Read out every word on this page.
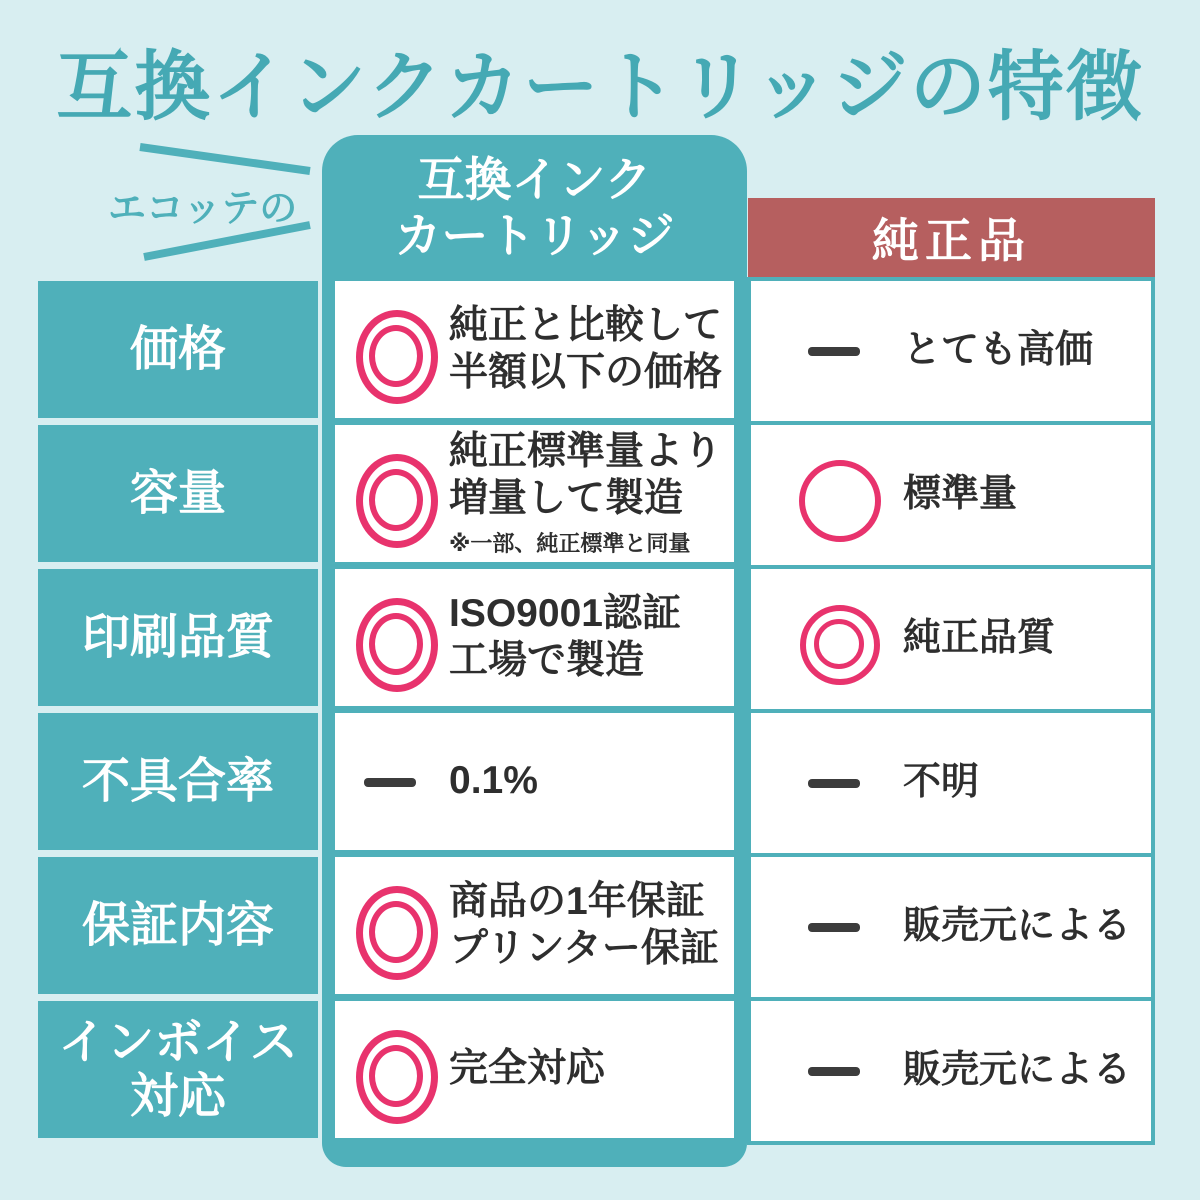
互換インクカートリッジの特徴
エコッテの
互換インク
カートリッジ
純正と比較して
半額以下の価格
純正標準量より
増量して製造
※一部、純正標準と同量
ISO9001認証
工場で製造
0.1%
商品の1年保証
プリンター保証
完全対応
価格
容量
印刷品質
不具合率
保証内容
インボイス
対応
純正品
とても高価
標準量
純正品質
不明
販売元による
販売元による
